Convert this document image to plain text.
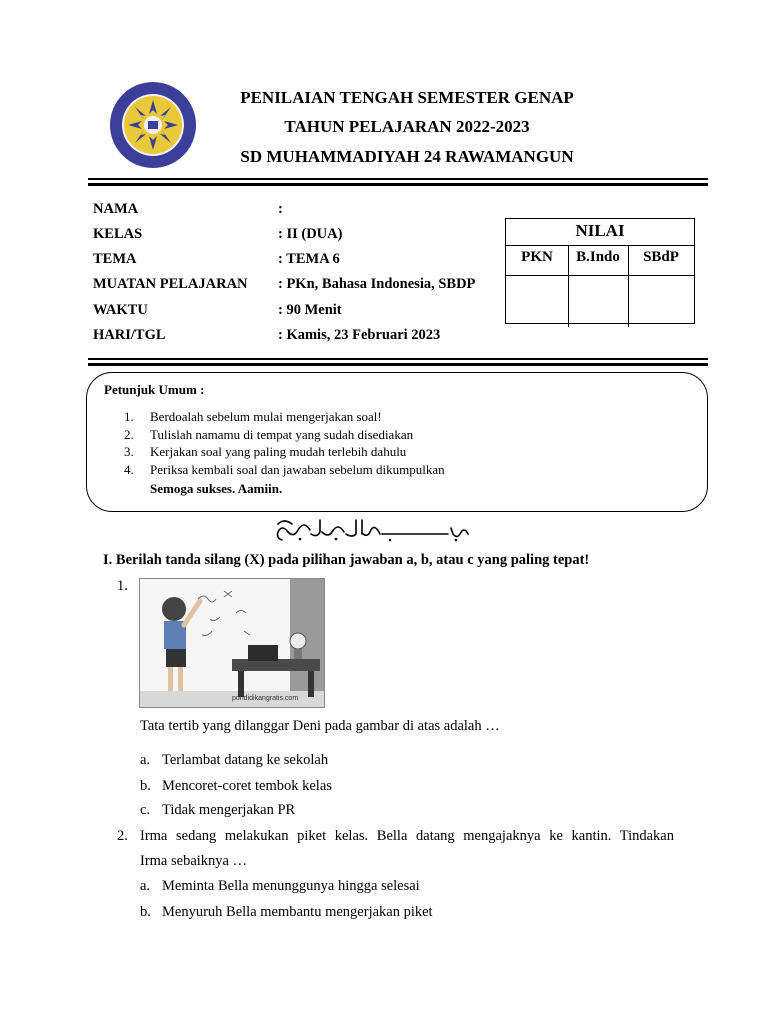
PENILAIAN TENGAH SEMESTER GENAP
TAHUN PELAJARAN 2022-2023
SD MUHAMMADIYAH 24 RAWAMANGUN
NAMA	:
KELAS	: II (DUA)
TEMA	: TEMA 6
MUATAN PELAJARAN : PKn, Bahasa Indonesia, SBDP
WAKTU	: 90 Menit
HARI/TGL	: Kamis, 23 Februari 2023
NILAI
PKN	B.Indo	SBdP
Petunjuk Umum :
1. Berdoalah sebelum mulai mengerjakan soal!
2. Tulislah namamu di tempat yang sudah disediakan
3. Kerjakan soal yang paling mudah terlebih dahulu
4. Periksa kembali soal dan jawaban sebelum dikumpulkan
Semoga sukses. Aamiin.
I. Berilah tanda silang (X) pada pilihan jawaban a, b, atau c yang paling tepat!
1.
pondidikangratis.com
Tata tertib yang dilanggar Deni pada gambar di atas adalah …
a. Terlambat datang ke sekolah
b. Mencoret-coret tembok kelas
c. Tidak mengerjakan PR
2. Irma sedang melakukan piket kelas. Bella datang mengajaknya ke kantin. Tindakan
Irma sebaiknya …
a. Meminta Bella menunggunya hingga selesai
b. Menyuruh Bella membantu mengerjakan piket
